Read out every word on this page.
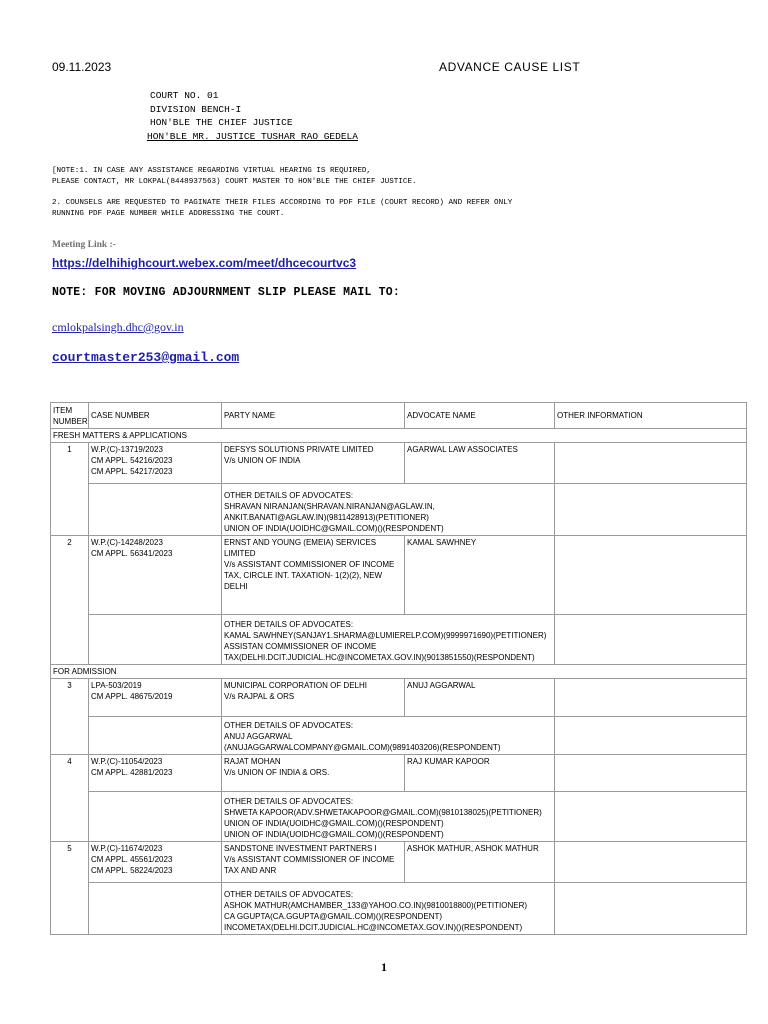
09.11.2023	ADVANCE CAUSE LIST
COURT NO. 01
DIVISION BENCH-I
HON'BLE THE CHIEF JUSTICE
HON'BLE MR. JUSTICE TUSHAR RAO GEDELA
[NOTE:1. IN CASE ANY ASSISTANCE REGARDING VIRTUAL HEARING IS REQUIRED,
PLEASE CONTACT, MR LOKPAL(8448937563) COURT MASTER TO HON'BLE THE CHIEF JUSTICE.
2. COUNSELS ARE REQUESTED TO PAGINATE THEIR FILES ACCORDING TO PDF FILE (COURT RECORD) AND REFER ONLY
RUNNING PDF PAGE NUMBER WHILE ADDRESSING THE COURT.
Meeting Link :-
https://delhihighcourt.webex.com/meet/dhcecourtvc3
NOTE: FOR MOVING ADJOURNMENT SLIP PLEASE MAIL TO:
cmlokpalsingh.dhc@gov.in
courtmaster253@gmail.com
ITEM
NUMBER	CASE NUMBER	PARTY NAME	ADVOCATE NAME	OTHER INFORMATION
FRESH MATTERS & APPLICATIONS				
1	W.P.(C)-13719/2023
CM APPL. 54216/2023
CM APPL. 54217/2023	DEFSYS SOLUTIONS PRIVATE LIMITED
V/s UNION OF INDIA	AGARWAL LAW ASSOCIATES	

		OTHER DETAILS OF ADVOCATES:
SHRAVAN NIRANJAN(SHRAVAN.NIRANJAN@AGLAW.IN,
ANKIT.BANATI@AGLAW.IN)(9811428913)(PETITIONER)
UNION OF INDIA(UOIDHC@GMAIL.COM)()(RESPONDENT)		

2	W.P.(C)-14248/2023
CM APPL. 56341/2023	ERNST AND YOUNG (EMEIA) SERVICES
LIMITED
V/s ASSISTANT COMMISSIONER OF INCOME
TAX, CIRCLE INT. TAXATION- 1(2)(2), NEW
DELHI	KAMAL SAWHNEY	

		OTHER DETAILS OF ADVOCATES:
KAMAL SAWHNEY(SANJAY1.SHARMA@LUMIERELP.COM)(9999971690)(PETITIONER)
ASSISTAN COMMISSIONER OF INCOME
TAX(DELHI.DCIT.JUDICIAL.HC@INCOMETAX.GOV.IN)(9013851550)(RESPONDENT)		

FOR ADMISSION				
3	LPA-503/2019
CM APPL. 48675/2019	MUNICIPAL CORPORATION OF DELHI
V/s RAJPAL & ORS	ANUJ AGGARWAL	

		OTHER DETAILS OF ADVOCATES:
ANUJ AGGARWAL
(ANUJAGGARWALCOMPANY@GMAIL.COM)(9891403206)(RESPONDENT)		

4	W.P.(C)-11054/2023
CM APPL. 42881/2023	RAJAT MOHAN
V/s UNION OF INDIA & ORS.	RAJ KUMAR KAPOOR	

		OTHER DETAILS OF ADVOCATES:
SHWETA KAPOOR(ADV.SHWETAKAPOOR@GMAIL.COM)(9810138025)(PETITIONER)
UNION OF INDIA(UOIDHC@GMAIL.COM)()(RESPONDENT)
UNION OF INDIA(UOIDHC@GMAIL.COM)()(RESPONDENT)		

5	W.P.(C)-11674/2023
CM APPL. 45561/2023
CM APPL. 58224/2023	SANDSTONE INVESTMENT PARTNERS I
V/s ASSISTANT COMMISSIONER OF INCOME
TAX AND ANR	ASHOK MATHUR, ASHOK MATHUR	

		OTHER DETAILS OF ADVOCATES:
ASHOK MATHUR(AMCHAMBER_133@YAHOO.CO.IN)(9810018800)(PETITIONER)
CA GGUPTA(CA.GGUPTA@GMAIL.COM)()(RESPONDENT)
INCOMETAX(DELHI.DCIT.JUDICIAL.HC@INCOMETAX.GOV.IN)()(RESPONDENT)		

1
